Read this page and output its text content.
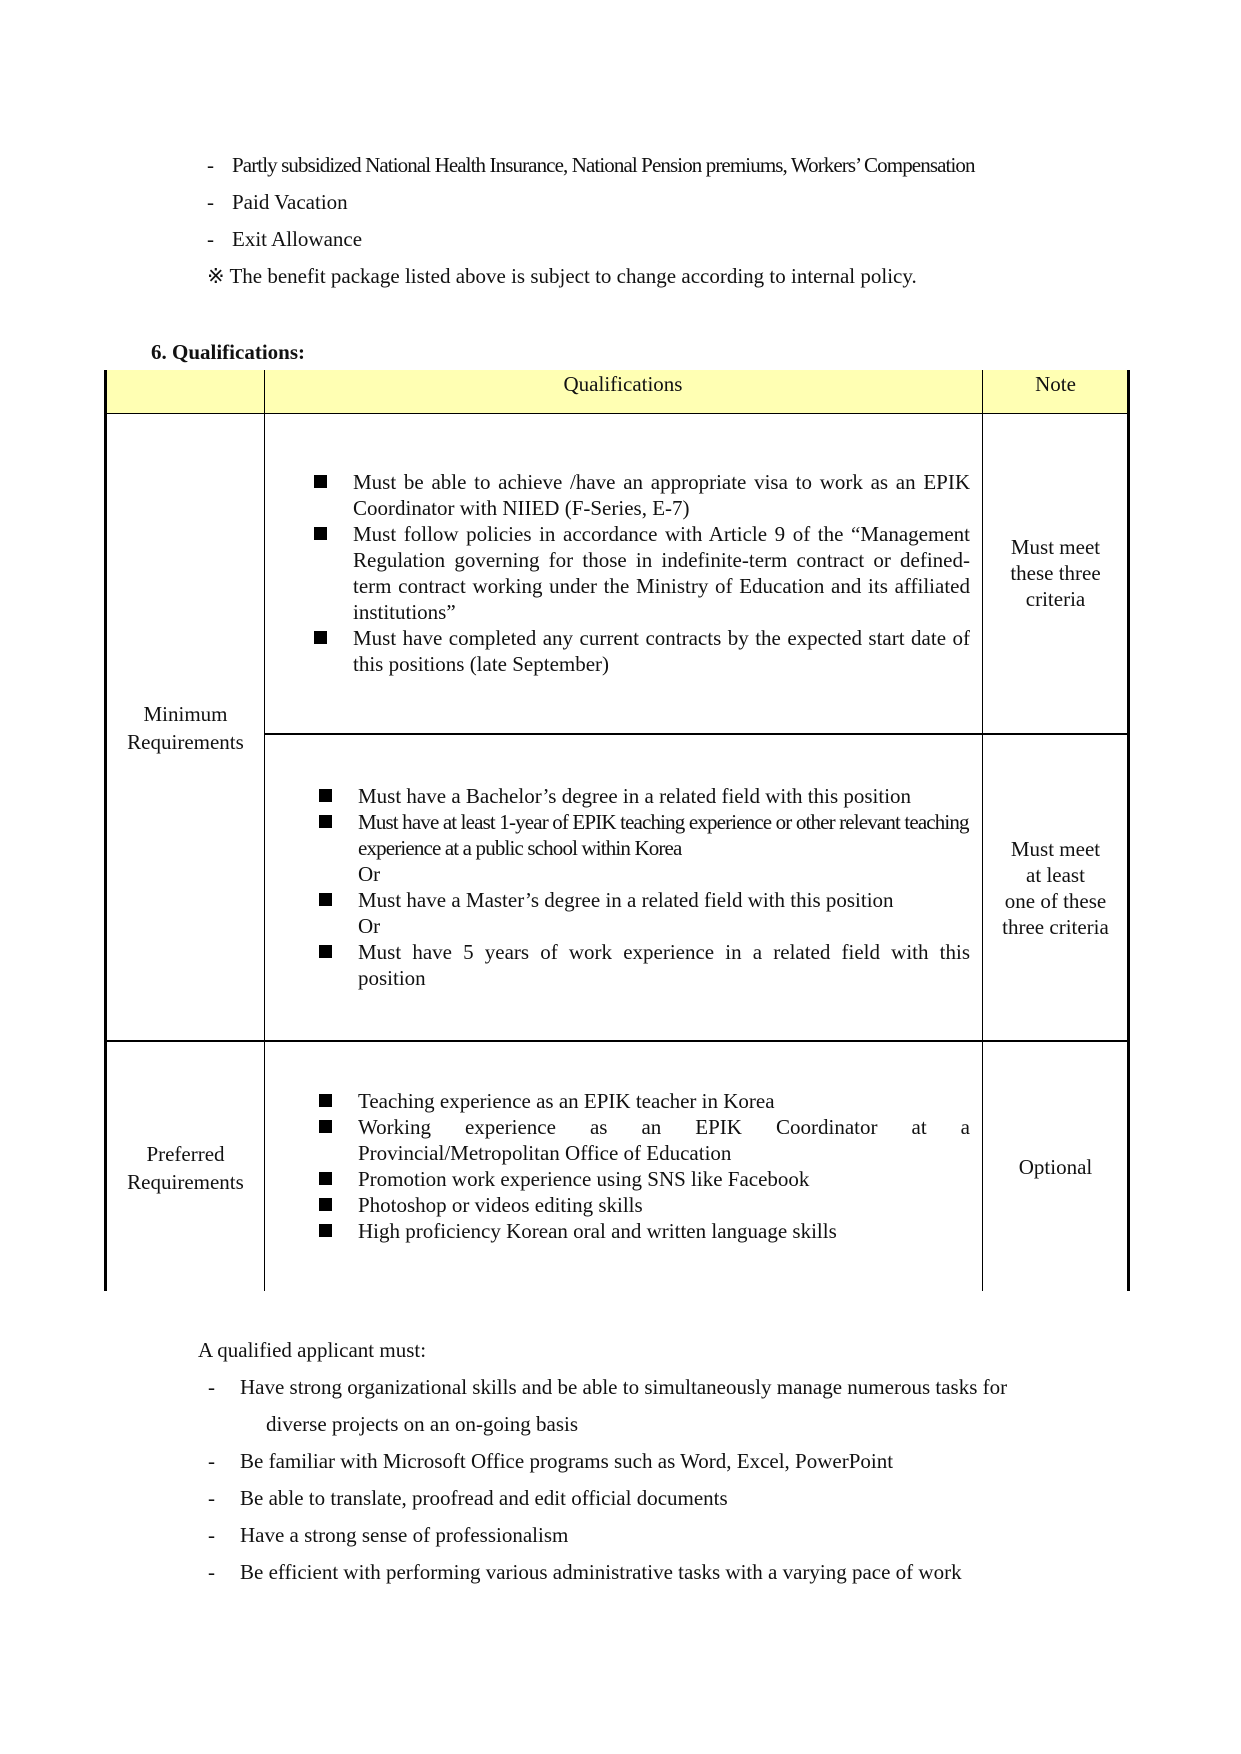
- Partly subsidized National Health Insurance, National Pension premiums, Workers’ Compensation
- Paid Vacation
- Exit Allowance
※ The benefit package listed above is subject to change according to internal policy.
6. Qualifications:
Qualifications	Note
Minimum
Requirements
Must be able to achieve /have an appropriate visa to work as an EPIK Coordinator with NIIED (F-Series, E-7)
Must follow policies in accordance with Article 9 of the “Management Regulation governing for those in indefinite-term contract or defined-term contract working under the Ministry of Education and its affiliated institutions”
Must have completed any current contracts by the expected start date of this positions (late September)
Must meet
these three
criteria
Must have a Bachelor’s degree in a related field with this position
Must have at least 1-year of EPIK teaching experience or other relevant teaching experience at a public school within Korea
Or
Must have a Master’s degree in a related field with this position
Or
Must have 5 years of work experience in a related field with this position
Must meet
at least
one of these
three criteria
Preferred
Requirements
Teaching experience as an EPIK teacher in Korea
Working experience as an EPIK Coordinator at a Provincial/Metropolitan Office of Education
Promotion work experience using SNS like Facebook
Photoshop or videos editing skills
High proficiency Korean oral and written language skills
Optional
A qualified applicant must:
- Have strong organizational skills and be able to simultaneously manage numerous tasks for
diverse projects on an on-going basis
- Be familiar with Microsoft Office programs such as Word, Excel, PowerPoint
- Be able to translate, proofread and edit official documents
- Have a strong sense of professionalism
- Be efficient with performing various administrative tasks with a varying pace of work
